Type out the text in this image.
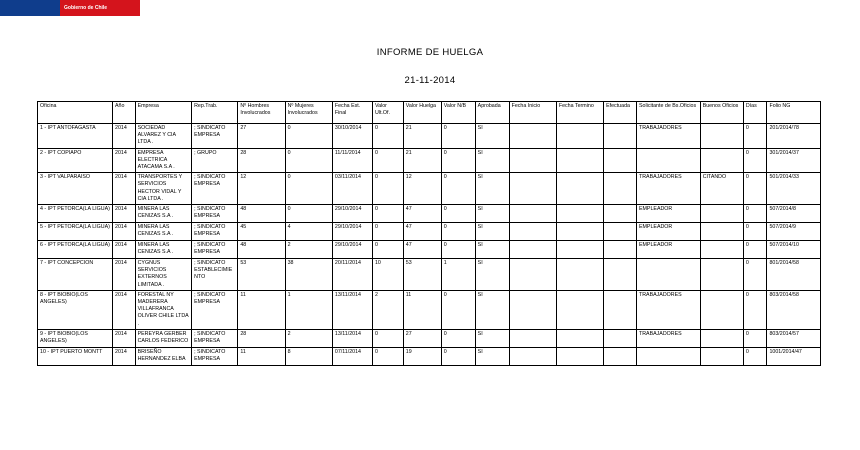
Gobierno de Chile
INFORME DE HUELGA
21-11-2014
Oficina	Año	Empresa	Rep.Trab.	Nº Hombres Involucrados	Nº Mujeres Involucrados	Fecha Est. Final	Valor Ult.Of.	Valor Huelga	Valor N/B	Aprobada	Fecha Inicio	Fecha Termino	Efectuada	Solicitante de Bs.Oficios	Buenos Oficios	Días	Folio NG
1 - IPT ANTOFAGASTA	2014	SOCIEDAD ALVAREZ Y CIA LTDA .	; SINDICATO EMPRESA	27	0	30/10/2014	0	21	0	SI				TRABAJADORES		0	201/2014/78
2 - IPT COPIAPO	2014	EMPRESA ELECTRICA ATACAMA S.A .	; GRUPO	28	0	11/11/2014	0	21	0	SI						0	301/2014/37
3 - IPT VALPARAISO	2014	TRANSPORTES Y SERVICIOS HECTOR VIDAL Y CIA LTDA .	; SINDICATO EMPRESA	12	0	03/11/2014	0	12	0	SI				TRABAJADORES	CITANDO	0	501/2014/33
4 - IPT PETORCA(LA LIGUA)	2014	MINERA LAS CENIZAS S.A .	; SINDICATO EMPRESA	48	0	29/10/2014	0	47	0	SI				EMPLEADOR		0	507/2014/8
5 - IPT PETORCA(LA LIGUA)	2014	MINERA LAS CENIZAS S.A .	; SINDICATO EMPRESA	45	4	29/10/2014	0	47	0	SI				EMPLEADOR		0	507/2014/9
6 - IPT PETORCA(LA LIGUA)	2014	MINERA LAS CENIZAS S.A .	; SINDICATO EMPRESA	48	2	29/10/2014	0	47	0	SI				EMPLEADOR		0	507/2014/10
7 - IPT CONCEPCION	2014	CYGNUS SERVICIOS EXTERNOS LIMITADA .	; SINDICATO ESTABLECIMIENTO	53	38	20/11/2014	10	53	1	SI						0	801/2014/58
8 - IPT BIOBIO(LOS ANGELES)	2014	FORESTAL NY MADERERA VILLAFRANCA OLIVER CHILE LTDA .	; SINDICATO EMPRESA	11	1	13/11/2014	2	11	0	SI				TRABAJADORES		0	803/2014/58
9 - IPT BIOBIO(LOS ANGELES)	2014	PEREYRA GERBER CARLOS FEDERICO	; SINDICATO EMPRESA	28	2	13/11/2014	0	27	0	SI				TRABAJADORES		0	803/2014/57
10 - IPT PUERTO MONTT	2014	BRISEÑO HERNANDEZ ELBA	; SINDICATO EMPRESA	11	8	07/11/2014	0	19	0	SI						0	1001/2014/47
